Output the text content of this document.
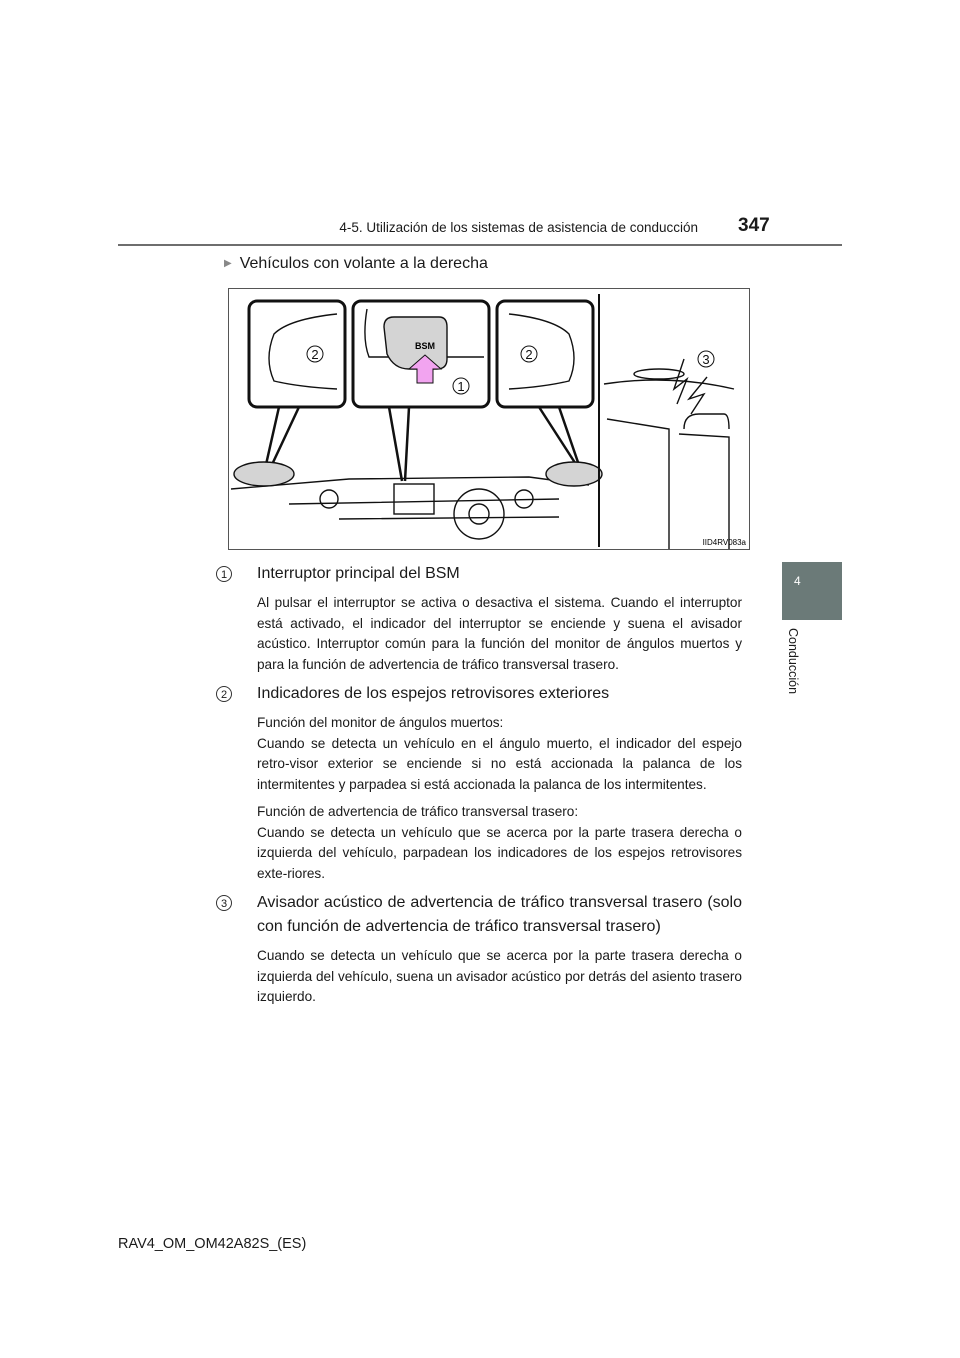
4-5. Utilización de los sistemas de asistencia de conducción 347
4
Conducción
▶ Vehículos con volante a la derecha
BSM
2
1
2	3
IID4RV083a
1	Interruptor principal del BSM

Al pulsar el interruptor se activa o desactiva el sistema. Cuando el interruptor está activado, el indicador del interruptor se enciende y suena el avisador acústico. Interruptor común para la función del monitor de ángulos muertos y para la función de advertencia de tráfico transversal trasero.

2	Indicadores de los espejos retrovisores exteriores

Función del monitor de ángulos muertos:
Cuando se detecta un vehículo en el ángulo muerto, el indicador del espejo retro-visor exterior se enciende si no está accionada la palanca de los intermitentes y parpadea si está accionada la palanca de los intermitentes.

Función de advertencia de tráfico transversal trasero:
Cuando se detecta un vehículo que se acerca por la parte trasera derecha o izquierda del vehículo, parpadean los indicadores de los espejos retrovisores exte-riores.

3	Avisador acústico de advertencia de tráfico transversal trasero (solo con función de advertencia de tráfico transversal trasero)

Cuando se detecta un vehículo que se acerca por la parte trasera derecha o izquierda del vehículo, suena un avisador acústico por detrás del asiento trasero izquierdo.

RAV4_OM_OM42A82S_(ES)
